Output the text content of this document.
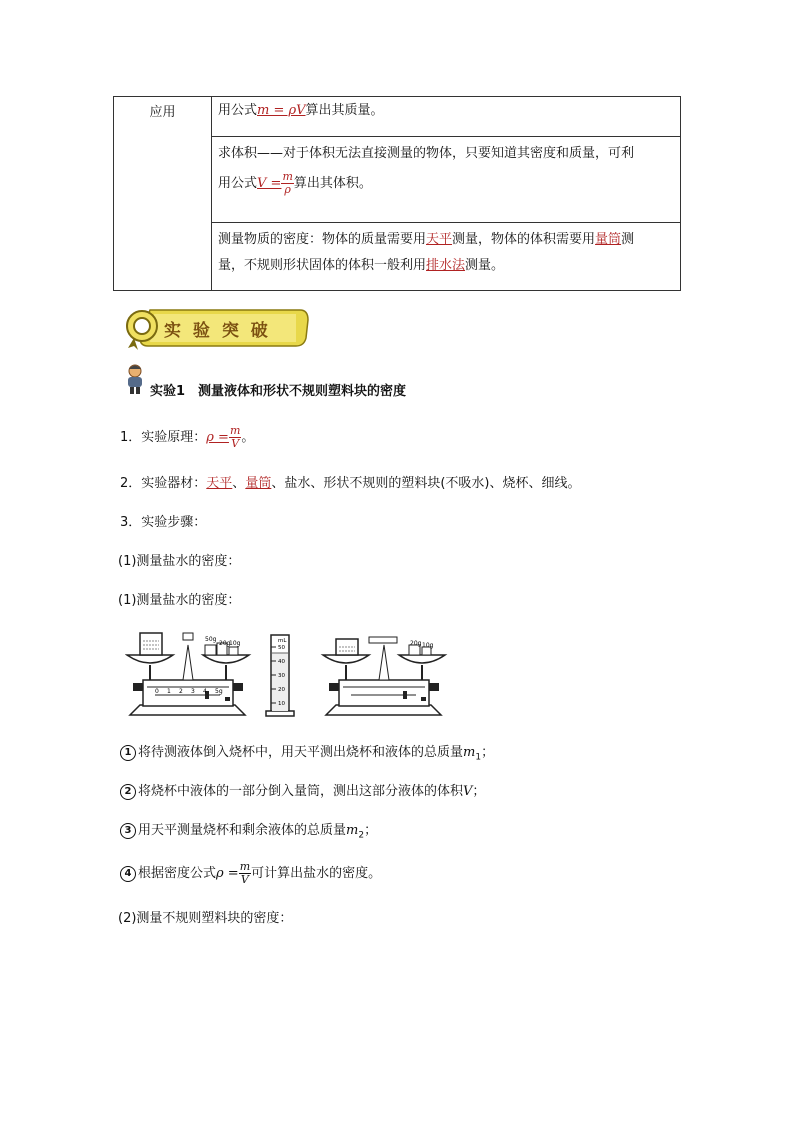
应用	用公式m = ρV算出其质量。

求体积——对于体积无法直接测量的物体，只要知道其密度和质量，可利
用公式$V = \frac{m}{\rho}$ 算出其体积。

测量物质的密度：物体的质量需要用天平测量，物体的体积需要用量筒测
量，不规则形状固体的体积一般利用排水法测量。
实 验 突 破
实验1　测量液体和形状不规则塑料块的密度
1．实验原理：$\rho = \frac{m}{V}$ 。
2．实验器材：天平、量筒、盐水、形状不规则的塑料块(不吸水)、烧杯、细线。
3．实验步骤：
(1)测量盐水的密度：
(1)测量盐水的密度：
50g
20g
10g
0 1 2 3 4 5g
mL
50
40
30
20
10
20g 10g
1 将待测液体倒入烧杯中，用天平测出烧杯和液体的总质量$m_1$；
2 将烧杯中液体的一部分倒入量筒，测出这部分液体的体积V；
3 用天平测量烧杯和剩余液体的总质量$m_2$；
4 根据密度公式$\rho = \frac{m}{V}$ 可计算出盐水的密度。
(2)测量不规则塑料块的密度：
